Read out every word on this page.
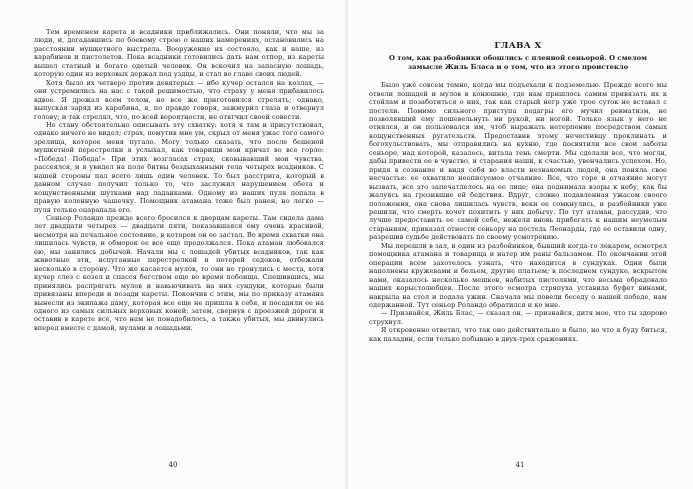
Тем временем карета и всадники приближались. Они поняли, что мы за люди, и, догадавшись по боевому строю о наших намерениях, остановились на расстоянии мушкетного выстрела. Вооружение их состояло, как и наше, из карабинов и пистолетов. Пока всадники готовились дать нам отпор, из кареты вышел статный и богато одетый человек. Он вскочил на запасную лошадь, которую один из верховых держал под уздцы, и стал во главе своих людей.

Хотя было их четверо против девятерых — ибо кучер остался на козлах, — они устремились на нас с такой решимостью, что страху у меня прибавилось вдвое. Я дрожал всем телом, но все же приготовился стрелять; однако, выпуская заряд из карабина, я, по правде говоря, зажмурил глаза и отвернул голову; и так стрелял, что, по всей вероятности, не отягчил своей совести.

Не стану обстоятельно описывать эту схватку: хотя я там и присутствовал, однако ничего не видел; страх, помутив мне ум, скрыл от меня ужас того самого зрелища, которое меня пугало. Могу только сказать, что после бешеной мушкетной перестрелки я услыхал, как товарищи мои кричат во все горло: «Победа! Победа!» При этих возгласах страх, сковывавший мои чувства, рассеялся, и я увидел на поле битвы бездыханными тела четырех всадников. С нашей стороны пал всего лишь один человек. То был расстрига, который в данном случае получил только то, что заслужил нарушением обета и кощунственными шутками над ладанками. Одному из наших пуля попала в правую коленную чашечку. Помощник атамана тоже был ранен, но легко — пуля только оцарапала его.

Сеньор Роландо прежде всего бросился к дверцам кареты. Там сидела дама лет двадцати четырех — двадцати пяти, показавшаяся ему очень красивой, несмотря на печальное состояние, в котором он ее застал. Во время схватки она лишилась чувств, и обморок ее все еще продолжался. Пока атаман любовался ею, мы занялись добычей. Начали мы с лошадей убитых всадников, так как животные эти, испуганные перестрелкой и потерей седоков, отбежали несколько в сторону. Что же касается мулов, то они не тронулись с места, хотя кучер слез с козел и спасся бегством еще во время побоища. Спешившись, мы принялись распрягать мулов и навьючивать на них сундуки, которые были привязаны впереди и позади кареты. Покончив с этим, мы по приказу атамана вынесли из экипажа даму, которая все еще не пришла в себя, и посадили ее на одного из самых сильных верховых коней; затем, свернув с проезжей дороги и оставив в карете все, что нам не понадобилось, а также убитых, мы двинулись вперед вместе с дамой, мулами и лошадьми.

40
ГЛАВА X
О том, как разбойники обошлись с пленной сеньорой. О смелом замысле Жиль Бласа и о том, что из этого проистекло

Было уже совсем темно, когда мы подъехали к подземелью. Прежде всего мы отвели лошадей и мулов в конюшню, где нам пришлось самим привязать их к стойлам и позаботиться о них, так как старый негр уже трое суток не вставал с постели. Помимо сильного приступа подагры его мучил ревматизм, не позволявший ему пошевельнуть ни рукой, ни ногой. Только язык у него не отнялся, и он пользовался им, чтоб выражать нетерпение посредством самых кощунственных ругательств. Предоставив этому нечестивцу проклинать и богохульствовать, мы отправились на кухню, где посвятили все свои заботы сеньоре, над которой, казалось, витала тень смерти. Мы сделали все, что могли, дабы привести ее в чувство, и старания наши, к счастью, увенчались успехом. Но, придя в сознание и видя себя во власти незнакомых людей, она поняла свое несчастье: ее охватило неописуемое отчаяние. Все, что горе и отчаяние могут вызвать, все это запечатлелось на ее лице; она поднимала взоры к небу, как бы жалуясь на грозившие ей бедствия. Вдруг, словно подавленная ужасом своего положения, она снова лишилась чувств, веки ее сомкнулись, и разбойники уже решили, что смерть хочет похитить у них добычу. По тут атаман, рассудив, что лучше предоставить ее самой себе, нежели вновь прибегать к нашим неумелым стараниям, приказал отнести сеньору на постель Леонарды, где ее оставили одну, разрешив судьбе действовать по своему усмотрению.

Мы перешли в зал, и один из разбойников, бывший когда-то лекарем, осмотрел помощника атамана и товарища и натер им раны бальзамом. По окончании этой операции всем захотелось узнать, что находится в сундуках. Одни были наполнены кружевами и бельем, другие платьем; в последнем сундуке, вскрытом нами, оказалось несколько мешков, набитых пистолями, что весьма обрадовало наших корыстолюбцев. После этого осмотра стряпуха уставила буфет винами, накрыла на стол и подала ужин. Сначала мы повели беседу о нашей победе, нам одержанной. Тут сеньор Роландо обратился и ко мне.

— Признайся, Жиль Блас, — сказал он, — признайся, дитя мое, что ты здорово струхнул.

Я откровенно ответил, что так оно действительно и было, но что я буду биться, как паладин, если только побываю в двух-трех сражениях.

41
